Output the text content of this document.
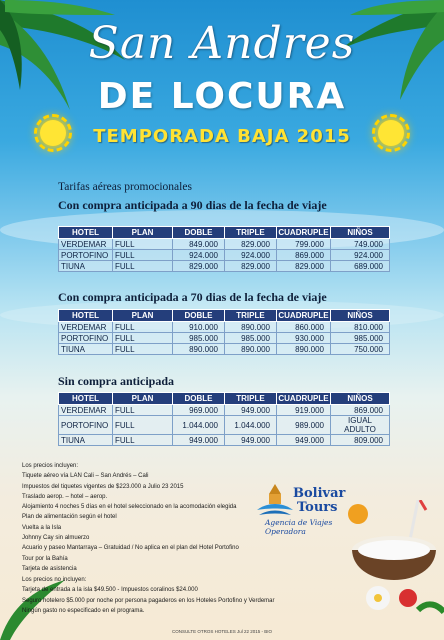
San Andres
DE LOCURA
TEMPORADA BAJA 2015
Tarifas aéreas promocionales
Con compra anticipada a 90 dias de la fecha de viaje
HOTEL	PLAN	DOBLE	TRIPLE	CUADRUPLE	NIÑOS
VERDEMAR	FULL	849.000	829.000	799.000	749.000
PORTOFINO	FULL	924.000	924.000	869.000	924.000
TIUNA	FULL	829.000	829.000	829.000	689.000
Con compra anticipada a 70 dias de la fecha de viaje
HOTEL	PLAN	DOBLE	TRIPLE	CUADRUPLE	NIÑOS
VERDEMAR	FULL	910.000	890.000	860.000	810.000
PORTOFINO	FULL	985.000	985.000	930.000	985.000
TIUNA	FULL	890.000	890.000	890.000	750.000
Sin compra anticipada
HOTEL	PLAN	DOBLE	TRIPLE	CUADRUPLE	NIÑOS
VERDEMAR	FULL	969.000	949.000	919.000	869.000
PORTOFINO	FULL	1.044.000	1.044.000	989.000	IGUAL ADULTO
TIUNA	FULL	949.000	949.000	949.000	809.000
Los precios incluyen:
Tiquete aéreo vía LAN Cali – San Andrés – Cali
Impuestos del tiquetes vigentes de $223.000 a Julio 23 2015
Traslado aerop. – hotel – aerop.
Alojamiento 4 noches 5 días en el hotel seleccionado en la acomodación elegida
Plan de alimentación según el hotel
Vuelta a la Isla
Johnny Cay sin almuerzo
Acuario y paseo Mantarraya – Gratuidad / No aplica en el plan del Hotel Portofino
Tour por la Bahía
Tarjeta de asistencia
Los precios no incluyen:
Tarjeta de entrada a la isla $49.500 - Impuestos coralinos $24.000
Seguro hotelero $5.000 por noche por persona pagaderos en los Hoteles Portofino y Verdemar
Ningún gasto no especificado en el programa.
Bolivar
Tours
Agencia de Viajes Operadora
CONSULTE OTROS HOTELES Jul 22 2015 - BIO
